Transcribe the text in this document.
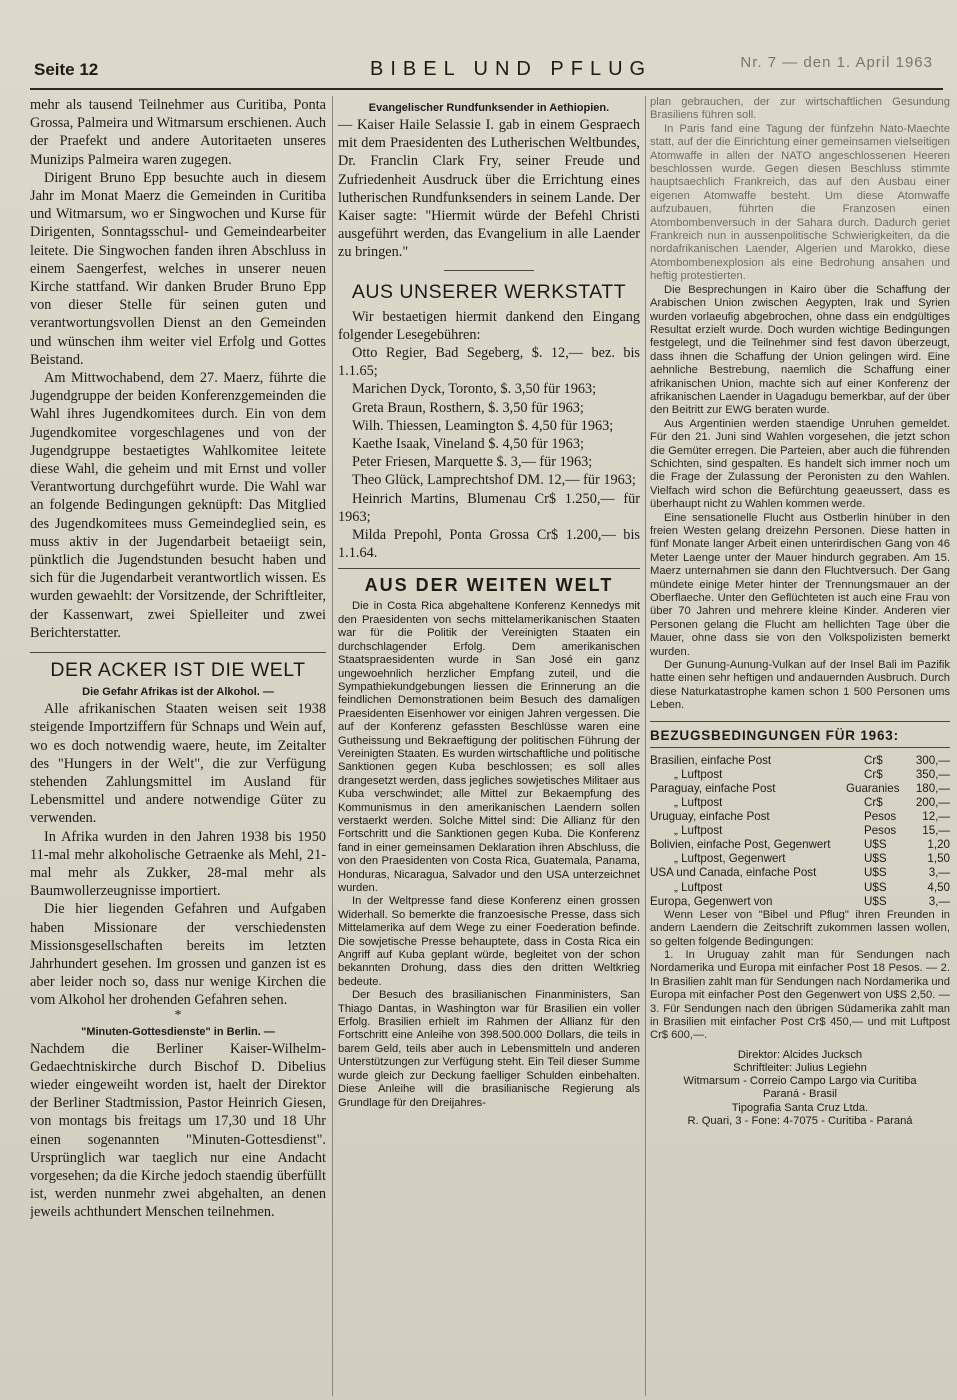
Seite 12	BIBEL UND PFLUG	Nr. 7 — den 1. April 1963

mehr als tausend Teilnehmer aus Curitiba, Ponta Grossa, Palmeira und Witmarsum erschienen. Auch der Praefekt und andere Autoritaeten unseres Munizips Palmeira waren zugegen.

Dirigent Bruno Epp besuchte auch in diesem Jahr im Monat Maerz die Gemeinden in Curitiba und Witmarsum, wo er Singwochen und Kurse für Dirigenten, Sonntagsschul- und Gemeindearbeiter leitete. Die Singwochen fanden ihren Abschluss in einem Saengerfest, welches in unserer neuen Kirche stattfand. Wir danken Bruder Bruno Epp von dieser Stelle für seinen guten und verantwortungsvollen Dienst an den Gemeinden und wünschen ihm weiter viel Erfolg und Gottes Beistand.

Am Mittwochabend, dem 27. Maerz, führte die Jugendgruppe der beiden Konferenzgemeinden die Wahl ihres Jugendkomitees durch. Ein von dem Jugendkomitee vorgeschlagenes und von der Jugendgruppe bestaetigtes Wahlkomitee leitete diese Wahl, die geheim und mit Ernst und voller Verantwortung durchgeführt wurde. Die Wahl war an folgende Bedingungen geknüpft: Das Mitglied des Jugendkomitees muss Gemeindeglied sein, es muss aktiv in der Jugendarbeit betaeiigt sein, pünktlich die Jugendstunden besucht haben und sich für die Jugendarbeit verantwortlich wissen. Es wurden gewaehlt: der Vorsitzende, der Schriftleiter, der Kassenwart, zwei Spielleiter und zwei Berichterstatter.

DER ACKER IST DIE WELT
Die Gefahr Afrikas ist der Alkohol. —

Alle afrikanischen Staaten weisen seit 1938 steigende Importziffern für Schnaps und Wein auf, wo es doch notwendig waere, heute, im Zeitalter des "Hungers in der Welt", die zur Verfügung stehenden Zahlungsmittel im Ausland für Lebensmittel und andere notwendige Güter zu verwenden.

In Afrika wurden in den Jahren 1938 bis 1950 11-mal mehr alkoholische Getraenke als Mehl, 21-mal mehr als Zukker, 28-mal mehr als Baumwollerzeugnisse importiert.

Die hier liegenden Gefahren und Aufgaben haben Missionare der verschiedensten Missionsgesellschaften bereits im letzten Jahrhundert gesehen. Im grossen und ganzen ist es aber leider noch so, dass nur wenige Kirchen die vom Alkohol her drohenden Gefahren sehen.

*

"Minuten-Gottesdienste" in Berlin. —

Nachdem die Berliner Kaiser-Wilhelm-Gedaechtniskirche durch Bischof D. Dibelius wieder eingeweiht worden ist, haelt der Direktor der Berliner Stadtmission, Pastor Heinrich Giesen, von montags bis freitags um 17,30 und 18 Uhr einen sogenannten "Minuten-Gottesdienst". Ursprünglich war taeglich nur eine Andacht vorgesehen; da die Kirche jedoch staendig überfüllt ist, werden nunmehr zwei abgehalten, an denen jeweils achthundert Menschen teilnehmen.

Evangelischer Rundfunksender in Aethiopien.

— Kaiser Haile Selassie I. gab in einem Gespraech mit dem Praesidenten des Lutherischen Weltbundes, Dr. Franclin Clark Fry, seiner Freude und Zufriedenheit Ausdruck über die Errichtung eines lutherischen Rundfunksenders in seinem Lande. Der Kaiser sagte: "Hiermit würde der Befehl Christi ausgeführt werden, das Evangelium in alle Laender zu bringen."

AUS UNSERER WERKSTATT

Wir bestaetigen hiermit dankend den Eingang folgender Lesegebühren:

Otto Regier, Bad Segeberg, $. 12,— bez. bis 1.1.65;

Marichen Dyck, Toronto, $. 3,50 für 1963;

Greta Braun, Rosthern, $. 3,50 für 1963;

Wilh. Thiessen, Leamington $. 4,50 für 1963;

Kaethe Isaak, Vineland $. 4,50 für 1963;

Peter Friesen, Marquette $. 3,— für 1963;

Theo Glück, Lamprechtshof DM. 12,— für 1963;

Heinrich Martins, Blumenau Cr$ 1.250,— für 1963;

Milda Prepohl, Ponta Grossa Cr$ 1.200,— bis 1.1.64.

AUS DER WEITEN WELT

Die in Costa Rica abgehaltene Konferenz Kennedys mit den Praesidenten von sechs mittelamerikanischen Staaten war für die Politik der Vereinigten Staaten ein durchschlagender Erfolg. Dem amerikanischen Staatspraesidenten wurde in San José ein ganz ungewoehnlich herzlicher Empfang zuteil, und die Sympathiekundgebungen liessen die Erinnerung an die feindlichen Demonstrationen beim Besuch des damaligen Praesidenten Eisenhower vor einigen Jahren vergessen. Die auf der Konferenz gefassten Beschlüsse waren eine Gutheissung und Bekraeftigung der politischen Führung der Vereinigten Staaten. Es wurden wirtschaftliche und politische Sanktionen gegen Kuba beschlossen; es soll alles drangesetzt werden, dass jegliches sowjetisches Militaer aus Kuba verschwindet; alle Mittel zur Bekaempfung des Kommunismus in den amerikanischen Laendern sollen verstaerkt werden. Solche Mittel sind: Die Allianz für den Fortschritt und die Sanktionen gegen Kuba. Die Konferenz fand in einer gemeinsamen Deklaration ihren Abschluss, die von den Praesidenten von Costa Rica, Guatemala, Panama, Honduras, Nicaragua, Salvador und den USA unterzeichnet wurden.

In der Weltpresse fand diese Konferenz einen grossen Widerhall. So bemerkte die franzoesische Presse, dass sich Mittelamerika auf dem Wege zu einer Foederation befinde. Die sowjetische Presse behauptete, dass in Costa Rica ein Angriff auf Kuba geplant würde, begleitet von der schon bekannten Drohung, dass dies den dritten Weltkrieg bedeute.

Der Besuch des brasilianischen Finanministers, San Thiago Dantas, in Washington war für Brasilien ein voller Erfolg. Brasilien erhielt im Rahmen der Allianz für den Fortschritt eine Anleihe von 398.500.000 Dollars, die teils in barem Geld, teils aber auch in Lebensmitteln und anderen Unterstützungen zur Verfügung steht. Ein Teil dieser Summe wurde gleich zur Deckung faelliger Schulden einbehalten. Diese Anleihe will die brasilianische Regierung als Grundlage für den Dreijahres-

plan gebrauchen, der zur wirtschaftlichen Gesundung Brasiliens führen soll.

In Paris fand eine Tagung der fünfzehn Nato-Maechte statt, auf der die Einrichtung einer gemeinsamen vielseitigen Atomwaffe in allen der NATO angeschlossenen Heeren beschlossen wurde. Gegen diesen Beschluss stimmte hauptsaechlich Frankreich, das auf den Ausbau einer eigenen Atomwaffe besteht. Um diese Atomwaffe aufzubauen, führten die Franzosen einen Atombombenversuch in der Sahara durch. Dadurch geriet Frankreich nun in aussenpolitische Schwierigkeiten, da die nordafrikanischen Laender, Algerien und Marokko, diese Atombombenexplosion als eine Bedrohung ansahen und heftig protestierten.

Die Besprechungen in Kairo über die Schaffung der Arabischen Union zwischen Aegypten, Irak und Syrien wurden vorlaeufig abgebrochen, ohne dass ein endgültiges Resultat erzielt wurde. Doch wurden wichtige Bedingungen festgelegt, und die Teilnehmer sind fest davon überzeugt, dass ihnen die Schaffung der Union gelingen wird. Eine aehnliche Bestrebung, naemlich die Schaffung einer afrikanischen Union, machte sich auf einer Konferenz der afrikanischen Laender in Uagadugu bemerkbar, auf der über den Beitritt zur EWG beraten wurde.

Aus Argentinien werden staendige Unruhen gemeldet. Für den 21. Juni sind Wahlen vorgesehen, die jetzt schon die Gemüter erregen. Die Parteien, aber auch die führenden Schichten, sind gespalten. Es handelt sich immer noch um die Frage der Zulassung der Peronisten zu den Wahlen. Vielfach wird schon die Befürchtung geaeussert, dass es überhaupt nicht zu Wahlen kommen werde.

Eine sensationelle Flucht aus Ostberlin hinüber in den freien Westen gelang dreizehn Personen. Diese hatten in fünf Monate langer Arbeit einen unterirdischen Gang von 46 Meter Laenge unter der Mauer hindurch gegraben. Am 15. Maerz unternahmen sie dann den Fluchtversuch. Der Gang mündete einige Meter hinter der Trennungsmauer an der Oberflaeche. Unter den Geflüchteten ist auch eine Frau von über 70 Jahren und mehrere kleine Kinder. Anderen vier Personen gelang die Flucht am hellichten Tage über die Mauer, ohne dass sie von den Volkspolizisten bemerkt wurden.

Der Gunung-Aunung-Vulkan auf der Insel Bali im Pazifik hatte einen sehr heftigen und andauernden Ausbruch. Durch diese Naturkatastrophe kamen schon 1 500 Personen ums Leben.

BEZUGSBEDINGUNGEN FÜR 1963:
Brasilien, einfache Post	Cr$	300,—
„ Luftpost	Cr$	350,—
Paraguay, einfache Post	Guaranies	180,—
„ Luftpost	Cr$	200,—
Uruguay, einfache Post	Pesos	12,—
„ Luftpost	Pesos	15,—
Bolivien, einfache Post, Gegenwert	U$S	1,20
„ Luftpost, Gegenwert	U$S	1,50
USA und Canada, einfache Post	U$S	3,—
„ Luftpost	U$S	4,50
Europa, Gegenwert von	U$S	3,—

Wenn Leser von "Bibel und Pflug" ihren Freunden in andern Laendern die Zeitschrift zukommen lassen wollen, so gelten folgende Bedingungen:

1. In Uruguay zahlt man für Sendungen nach Nordamerika und Europa mit einfacher Post 18 Pesos. — 2. In Brasilien zahlt man für Sendungen nach Nordamerika und Europa mit einfacher Post den Gegenwert von U$S 2,50. — 3. Für Sendungen nach den übrigen Südamerika zahlt man in Brasilien mit einfacher Post Cr$ 450,— und mit Luftpost Cr$ 600,—.

Direktor: Alcides Jucksch
Schriftleiter: Julius Legiehn
Witmarsum - Correio Campo Largo via Curitiba
Paraná - Brasil
Tipografia Santa Cruz Ltda.
R. Quari, 3 - Fone: 4-7075 - Curitiba - Paraná
